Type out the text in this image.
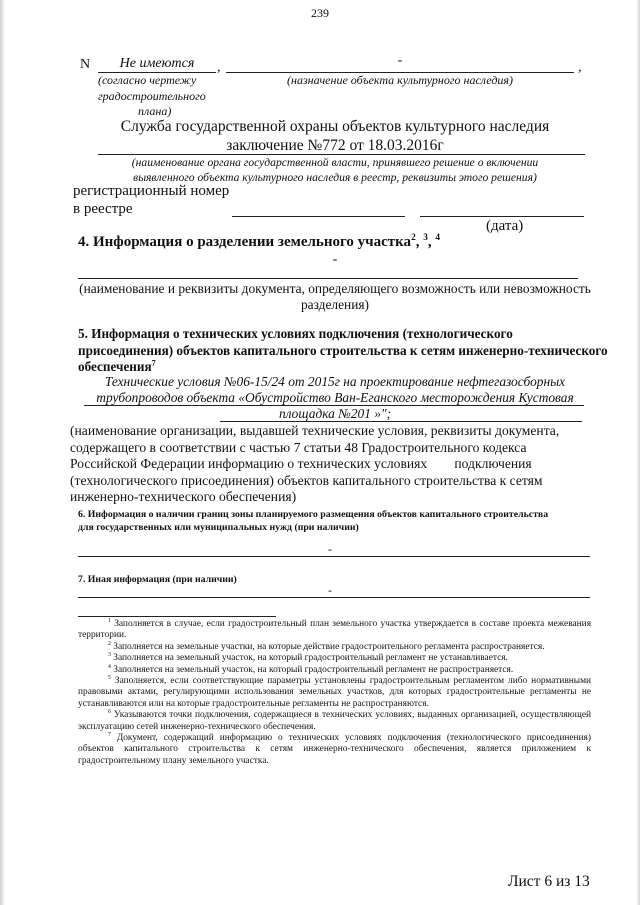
239
N	Не имеются	,	-	,
(согласно чертежу
градостроительного
плана)
(назначение объекта культурного наследия)
Служба государственной охраны объектов культурного наследия
заключение №772 от 18.03.2016г
(наименование органа государственной власти, принявшего решение о включении
выявленного объекта культурного наследия в реестр, реквизиты этого решения)
регистрационный номер
в реестре
(дата)
4. Информация о разделении земельного участка$^2$, $^3$, $^4$
-
(наименование и реквизиты документа, определяющего возможность или невозможность
разделения)
5. Информация о технических условиях подключения (технологического
присоединения) объектов капитального строительства к сетям инженерно-технического
обеспечения$^7$
Технические условия №06-15/24 от 2015г на проектирование нефтегазосборных
трубопроводов объекта «Обустройство Ван-Еганского месторождения Кустовая
площадка №201 »";
(наименование организации, выдавшей технические условия, реквизиты документа,
содержащего в соответствии с частью 7 статьи 48 Градостроительного кодекса
Российской Федерации информацию о технических условиях        подключения
(технологического присоединения) объектов капитального строительства к сетям
инженерно-технического обеспечения)
6. Информация о наличии границ зоны планируемого размещения объектов капитального строительства
для государственных или муниципальных нужд (при наличии)
-
7. Иная информация (при наличии)
-
$^1$ Заполняется в случае, если градостроительный план земельного участка утверждается в составе проекта межевания территории.
$^2$ Заполняется на земельные участки, на которые действие градостроительного регламента распространяется.
$^3$ Заполняется на земельный участок, на который градостроительный регламент не устанавливается.
$^4$ Заполняется на земельный участок, на который градостроительный регламент не распространяется.
$^5$ Заполняется, если соответствующие параметры установлены градостроительным регламентом либо нормативными правовыми актами, регулирующими использования земельных участков, для которых градостроительные регламенты не устанавливаются или на которые градостроительные регламенты не распространяются.
$^6$ Указываются точки подключения, содержащиеся в технических условиях, выданных организацией, осуществляющей эксплуатацию сетей инженерно-технического обеспечения.
$^7$ Документ, содержащий информацию о технических условиях подключения (технологического присоединения) объектов капитального строительства к сетям инженерно-технического обеспечения, является приложением к градостроительному плану земельного участка.
Лист 6 из 13
